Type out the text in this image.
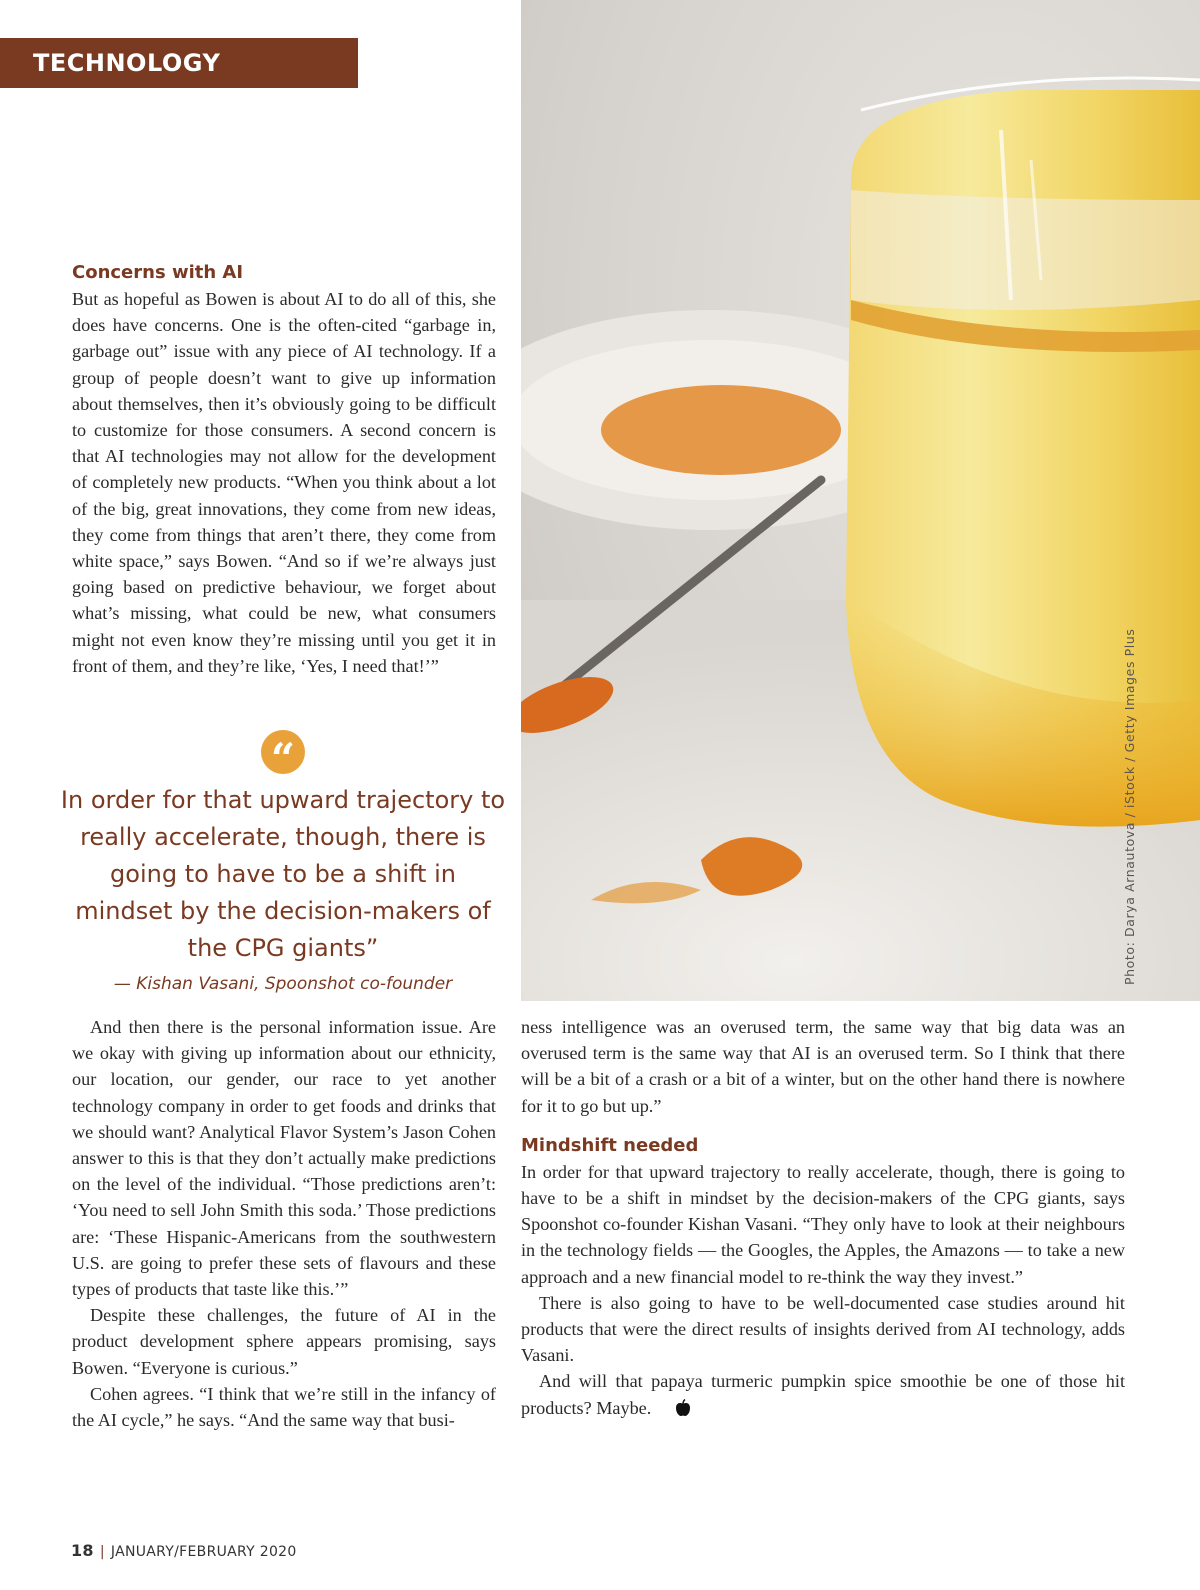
TECHNOLOGY
Photo: Darya Arnautova / iStock / Getty Images Plus
Concerns with AI

But as hopeful as Bowen is about AI to do all of this, she does have concerns. One is the often-cited “garbage in, garbage out” issue with any piece of AI technology. If a group of people doesn’t want to give up information about themselves, then it’s obviously going to be difficult to customize for those consumers. A second concern is that AI technologies may not allow for the development of completely new products. “When you think about a lot of the big, great innovations, they come from new ideas, they come from things that aren’t there, they come from white space,” says Bowen. “And so if we’re always just going based on predictive behaviour, we forget about what’s missing, what could be new, what consumers might not even know they’re missing until you get it in front of them, and they’re like, ‘Yes, I need that!’”

“
In order for that upward trajectory to really accelerate, though, there is going to have to be a shift in mindset by the decision-makers of the CPG giants”
— Kishan Vasani, Spoonshot co-founder

And then there is the personal information issue. Are we okay with giving up information about our ethnicity, our location, our gender, our race to yet another technology company in order to get foods and drinks that we should want? Analytical Flavor System’s Jason Cohen answer to this is that they don’t actually make predictions on the level of the individual. “Those predictions aren’t: ‘You need to sell John Smith this soda.’ Those predictions are: ‘These Hispanic-Americans from the southwestern U.S. are going to prefer these sets of flavours and these types of products that taste like this.’”

Despite these challenges, the future of AI in the product development sphere appears promising, says Bowen. “Everyone is curious.”

Cohen agrees. “I think that we’re still in the infancy of the AI cycle,” he says. “And the same way that busi-

ness intelligence was an overused term, the same way that big data was an overused term is the same way that AI is an overused term. So I think that there will be a bit of a crash or a bit of a winter, but on the other hand there is nowhere for it to go but up.”

Mindshift needed

In order for that upward trajectory to really accelerate, though, there is going to have to be a shift in mindset by the decision-makers of the CPG giants, says Spoonshot co-founder Kishan Vasani. “They only have to look at their neighbours in the technology fields — the Googles, the Apples, the Amazons — to take a new approach and a new financial model to re-think the way they invest.”

There is also going to have to be well-documented case studies around hit products that were the direct results of insights derived from AI technology, adds Vasani.

And will that papaya turmeric pumpkin spice smoothie be one of those hit products? Maybe.

18 | JANUARY/FEBRUARY 2020
